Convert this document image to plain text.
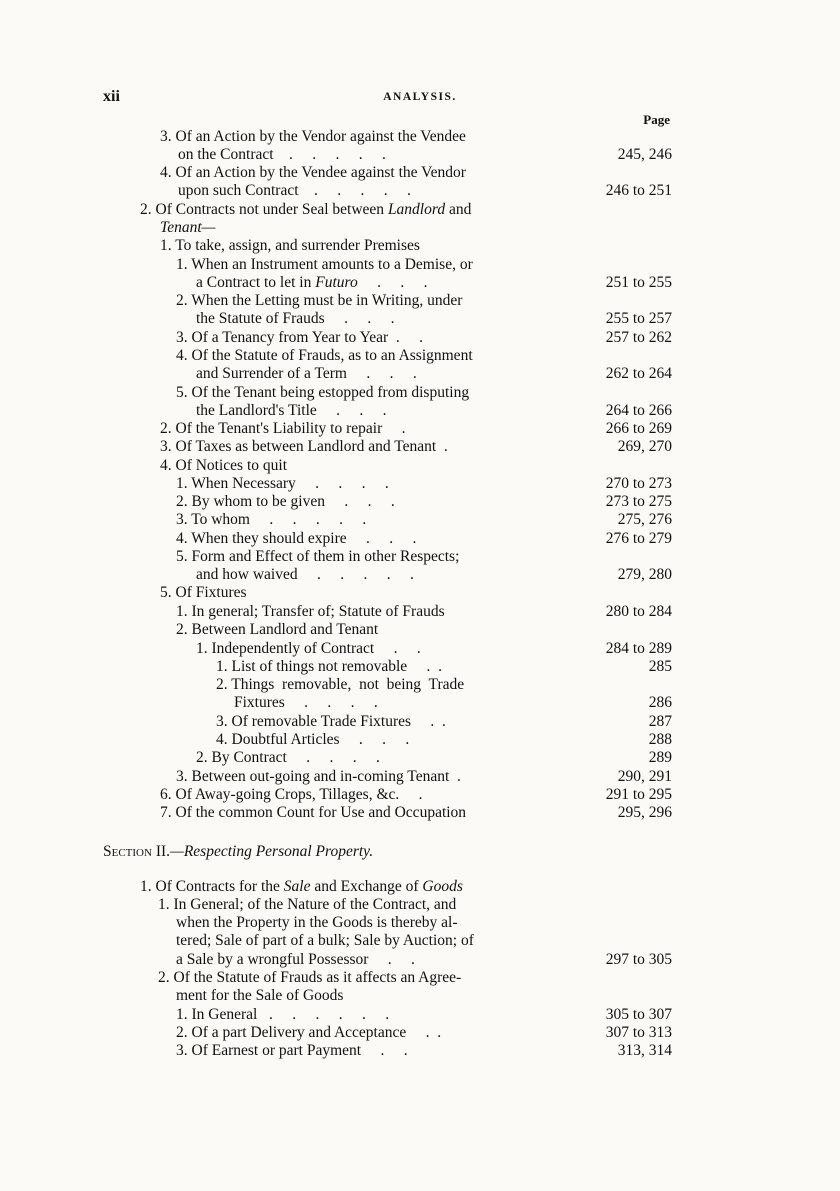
xii	ANALYSIS.
Page
3. Of an Action by the Vendor against the Vendee
on the Contract    .     .     .     .     .	245, 246
4. Of an Action by the Vendee against the Vendor
upon such Contract    .     .     .     .     .	246 to 251
2. Of Contracts not under Seal between Landlord and
Tenant—
1. To take, assign, and surrender Premises
1. When an Instrument amounts to a Demise, or
a Contract to let in Futuro     .     .     .	251 to 255
2. When the Letting must be in Writing, under
the Statute of Frauds     .     .     .	255 to 257
3. Of a Tenancy from Year to Year  .     .	257 to 262
4. Of the Statute of Frauds, as to an Assignment
and Surrender of a Term     .     .     .	262 to 264
5. Of the Tenant being estopped from disputing
the Landlord's Title     .     .     .	264 to 266
2. Of the Tenant's Liability to repair     .	266 to 269
3. Of Taxes as between Landlord and Tenant  .	269, 270
4. Of Notices to quit
1. When Necessary     .     .     .     .	270 to 273
2. By whom to be given     .     .     .	273 to 275
3. To whom     .     .     .     .     .	275, 276
4. When they should expire     .     .     .	276 to 279
5. Form and Effect of them in other Respects;
and how waived     .     .     .     .     .	279, 280
5. Of Fixtures
1. In general; Transfer of; Statute of Frauds	280 to 284
2. Between Landlord and Tenant
1. Independently of Contract     .     .	284 to 289
1. List of things not removable     .  .	285
2. Things  removable,  not  being  Trade
Fixtures     .     .     .     .	286
3. Of removable Trade Fixtures     .  .	287
4. Doubtful Articles     .     .     .	288
2. By Contract     .     .     .     .	289
3. Between out-going and in-coming Tenant  .	290, 291
6. Of Away-going Crops, Tillages, &c.     .	291 to 295
7. Of the common Count for Use and Occupation	295, 296
Section II.—Respecting Personal Property.
1. Of Contracts for the Sale and Exchange of Goods
1. In General; of the Nature of the Contract, and
when the Property in the Goods is thereby al-
tered; Sale of part of a bulk; Sale by Auction; of
a Sale by a wrongful Possessor     .     .	297 to 305
2. Of the Statute of Frauds as it affects an Agree-
ment for the Sale of Goods
1. In General   .     .     .     .     .     .	305 to 307
2. Of a part Delivery and Acceptance     .  .	307 to 313
3. Of Earnest or part Payment     .     .	313, 314
